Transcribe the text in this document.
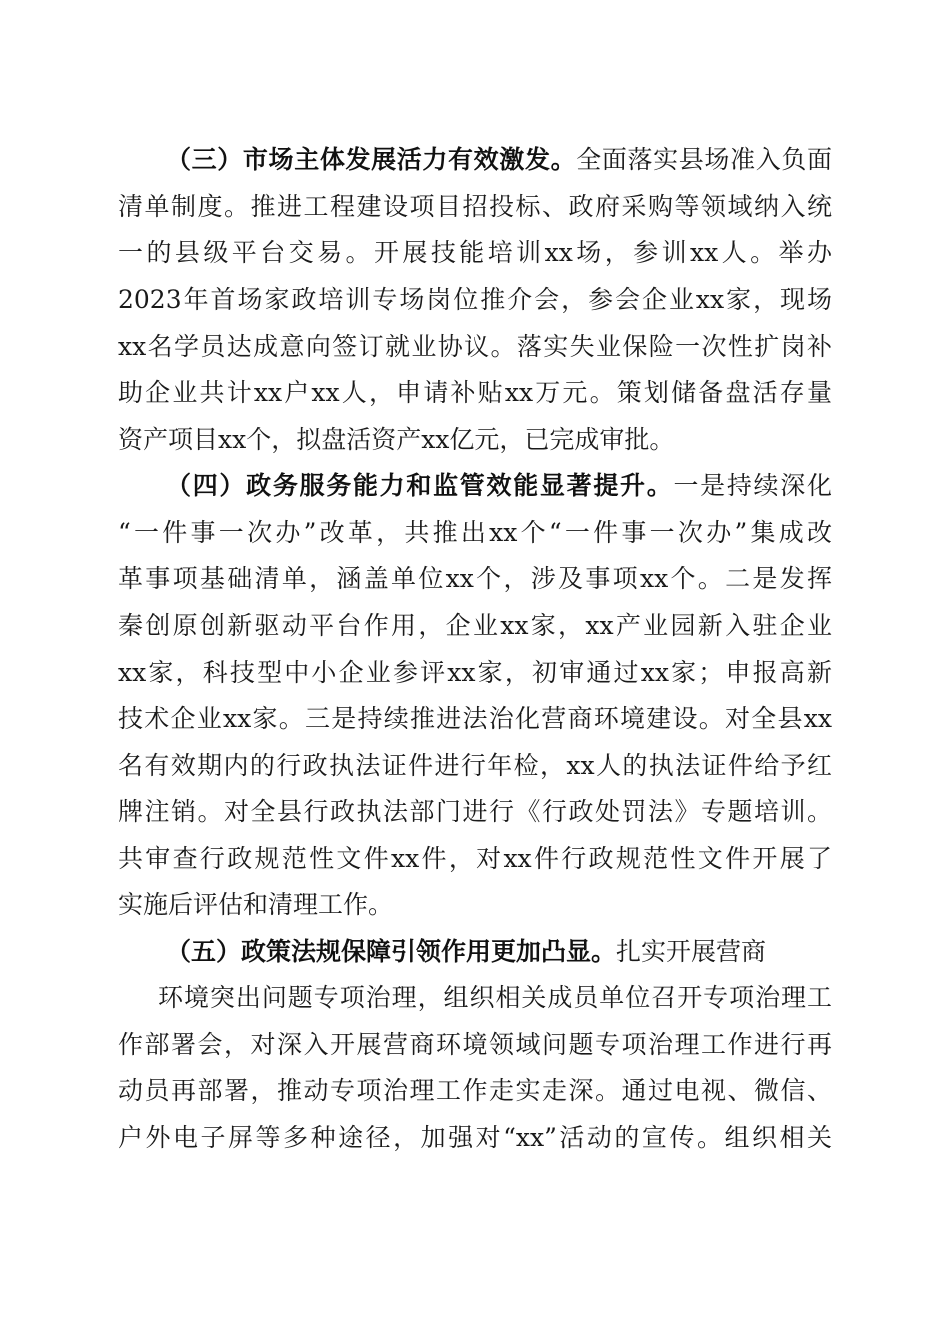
（三）市场主体发展活力有效激发。全面落实县场准入负面
清单制度。推进工程建设项目招投标、政府采购等领域纳入统
一的县级平台交易。开展技能培训xx场，参训xx人。举办
2023年首场家政培训专场岗位推介会，参会企业xx家，现场
xx名学员达成意向签订就业协议。落实失业保险一次性扩岗补
助企业共计xx户xx人，申请补贴xx万元。策划储备盘活存量
资产项目xx个，拟盘活资产xx亿元，已完成审批。
（四）政务服务能力和监管效能显著提升。一是持续深化
“一件事一次办”改革，共推出xx个“一件事一次办”集成改
革事项基础清单，涵盖单位xx个，涉及事项xx个。二是发挥
秦创原创新驱动平台作用，企业xx家，xx产业园新入驻企业
xx家，科技型中小企业参评xx家，初审通过xx家；申报高新
技术企业xx家。三是持续推进法治化营商环境建设。对全县xx
名有效期内的行政执法证件进行年检，xx人的执法证件给予红
牌注销。对全县行政执法部门进行《行政处罚法》专题培训。
共审查行政规范性文件xx件，对xx件行政规范性文件开展了
实施后评估和清理工作。
（五）政策法规保障引领作用更加凸显。扎实开展营商
环境突出问题专项治理，组织相关成员单位召开专项治理工
作部署会，对深入开展营商环境领域问题专项治理工作进行再
动员再部署，推动专项治理工作走实走深。通过电视、微信、
户外电子屏等多种途径，加强对“xx”活动的宣传。组织相关
